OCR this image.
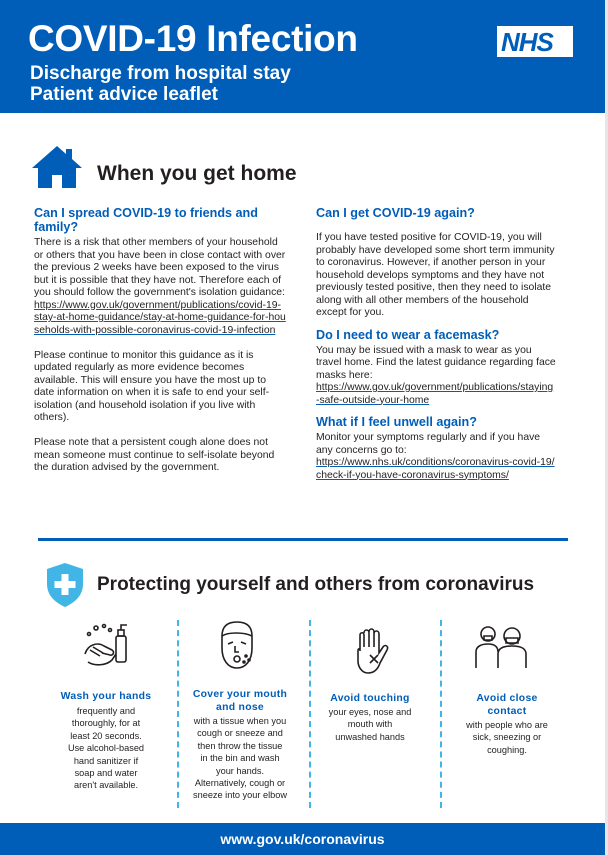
COVID-19 Infection
Discharge from hospital stay
Patient advice leaflet
NHS
When you get home
Can I spread COVID-19 to friends and
family?
There is a risk that other members of your household or others that you have been in close contact with over the previous 2 weeks have been exposed to the virus but it is possible that they have not. Therefore each of you should follow the government's isolation guidance:
https://www.gov.uk/government/publications/covid-19-stay-at-home-guidance/stay-at-home-guidance-for-households-with-possible-coronavirus-covid-19-infection
Please continue to monitor this guidance as it is updated regularly as more evidence becomes available. This will ensure you have the most up to date information on when it is safe to end your self-isolation (and household isolation if you live with others).
Please note that a persistent cough alone does not mean someone must continue to self-isolate beyond the duration advised by the government.
Can I get COVID-19 again?
If you have tested positive for COVID-19, you will probably have developed some short term immunity to coronavirus. However, if another person in your household develops symptoms and they have not previously tested positive, then they need to isolate along with all other members of the household except for you.
Do I need to wear a facemask?
You may be issued with a mask to wear as you travel home. Find the latest guidance regarding face masks here:
https://www.gov.uk/government/publications/staying-safe-outside-your-home
What if I feel unwell again?
Monitor your symptoms regularly and if you have any concerns go to:
https://www.nhs.uk/conditions/coronavirus-covid-19/check-if-you-have-coronavirus-symptoms/
Protecting yourself and others from coronavirus
Wash your hands
frequently and thoroughly, for at least 20 seconds. Use alcohol-based hand sanitizer if soap and water aren't available.
Cover your mouth and nose
with a tissue when you cough or sneeze and then throw the tissue in the bin and wash your hands. Alternatively, cough or sneeze into your elbow
Avoid touching
your eyes, nose and mouth with unwashed hands
Avoid close contact
with people who are sick, sneezing or coughing.
www.gov.uk/coronavirus
